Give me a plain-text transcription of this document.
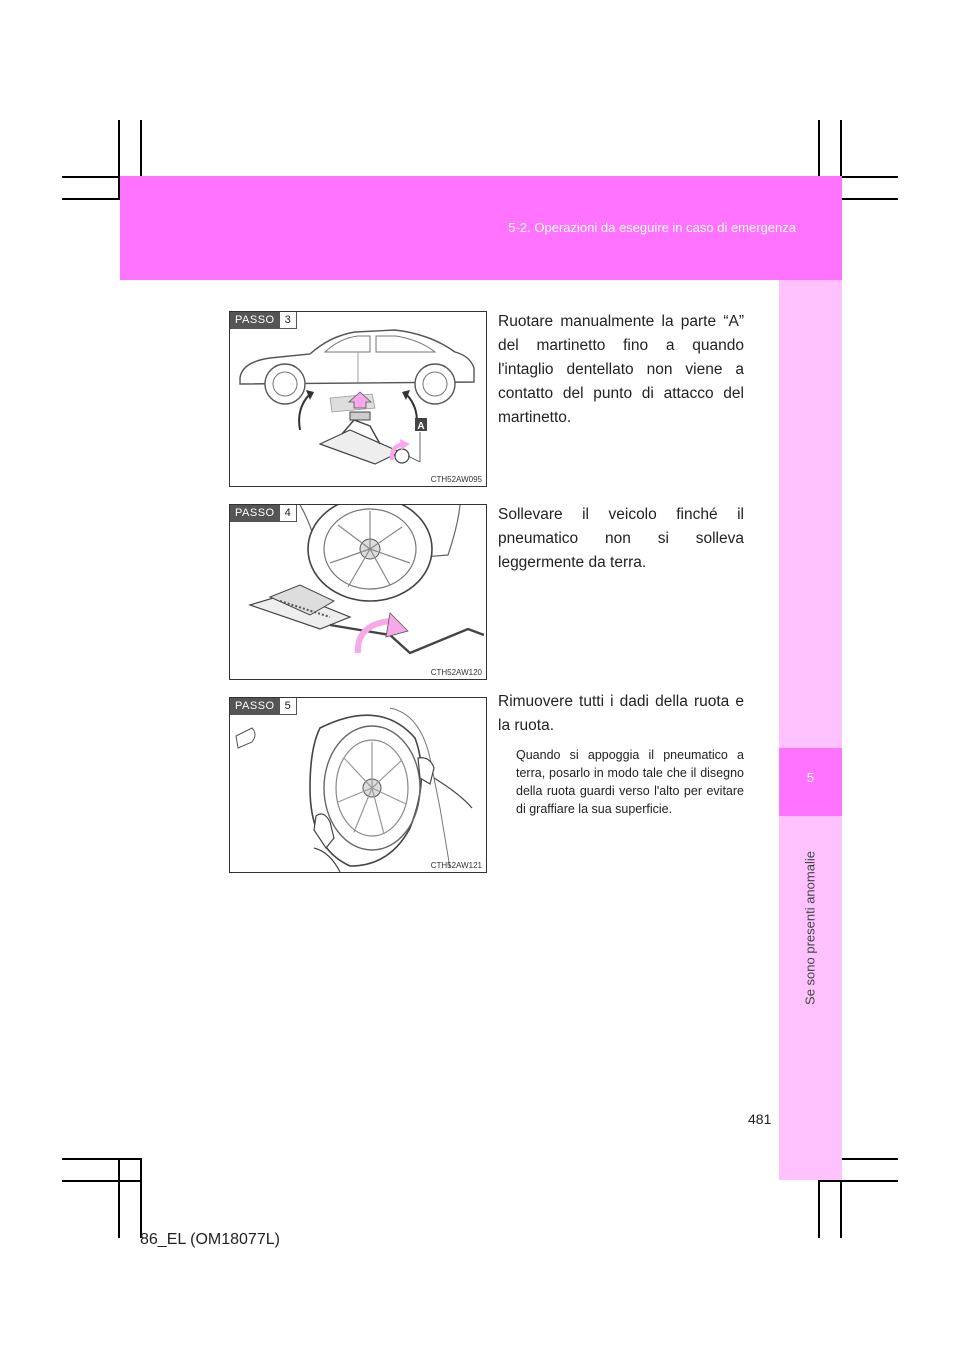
5-2. Operazioni da eseguire in caso di emergenza
5
Se sono presenti anomalie
A
PASSO 3
CTH52AW095
Ruotare manualmente la parte “A” del martinetto fino a quando l'intaglio dentellato non viene a contatto del punto di attacco del martinetto.
PASSO 4
CTH52AW120
Sollevare il veicolo finché il pneumatico non si solleva leggermente da terra.
PASSO 5
CTH52AW121
Rimuovere tutti i dadi della ruota e la ruota.
Quando si appoggia il pneumatico a terra, posarlo in modo tale che il disegno della ruota guardi verso l'alto per evitare di graffiare la sua superficie.
481
86_EL (OM18077L)
